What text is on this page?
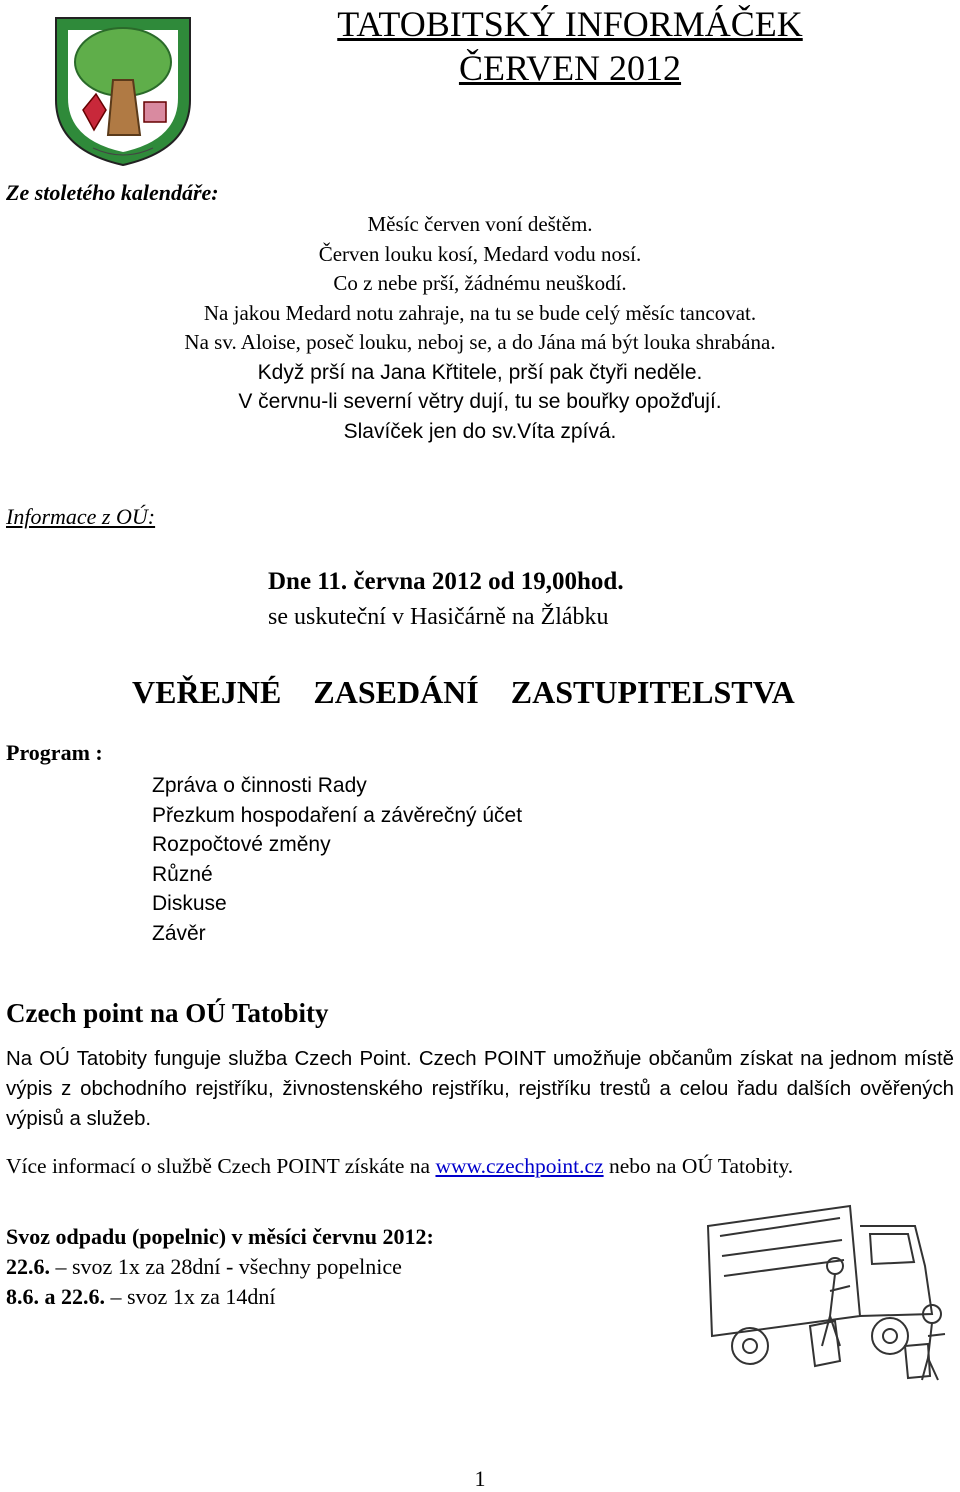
TATOBITSKÝ INFORMÁČEK
ČERVEN 2012
Ze stoletého kalendáře:
Měsíc červen voní deštěm.
Červen louku kosí, Medard vodu nosí.
Co z nebe prší, žádnému neuškodí.
Na jakou Medard notu zahraje, na tu se bude celý měsíc tancovat.
Na sv. Aloise, poseč louku, neboj se, a do Jána má být louka shrabána.
Když prší na Jana Křtitele, prší pak čtyři neděle.
V červnu-li severní větry dují, tu se bouřky opožďují.
Slavíček jen do sv.Víta zpívá.
Informace z OÚ:
Dne 11. června 2012 od 19,00hod.
se uskuteční v Hasičárně na Žlábku
VEŘEJNÉ    ZASEDÁNÍ    ZASTUPITELSTVA
Program :
Zpráva o činnosti Rady
Přezkum hospodaření a závěrečný účet
Rozpočtové změny
Různé
Diskuse
Závěr
Czech point na OÚ Tatobity
Na OÚ Tatobity funguje služba Czech Point. Czech POINT umožňuje občanům získat na jednom místě výpis z obchodního rejstříku, živnostenského rejstříku, rejstříku trestů a celou řadu dalších ověřených výpisů a služeb.
Více informací o službě Czech POINT získáte na www.czechpoint.cz nebo na OÚ Tatobity.
Svoz odpadu (popelnic) v měsíci červnu 2012:
22.6. – svoz 1x za 28dní - všechny popelnice
8.6. a 22.6. – svoz 1x za 14dní
1
